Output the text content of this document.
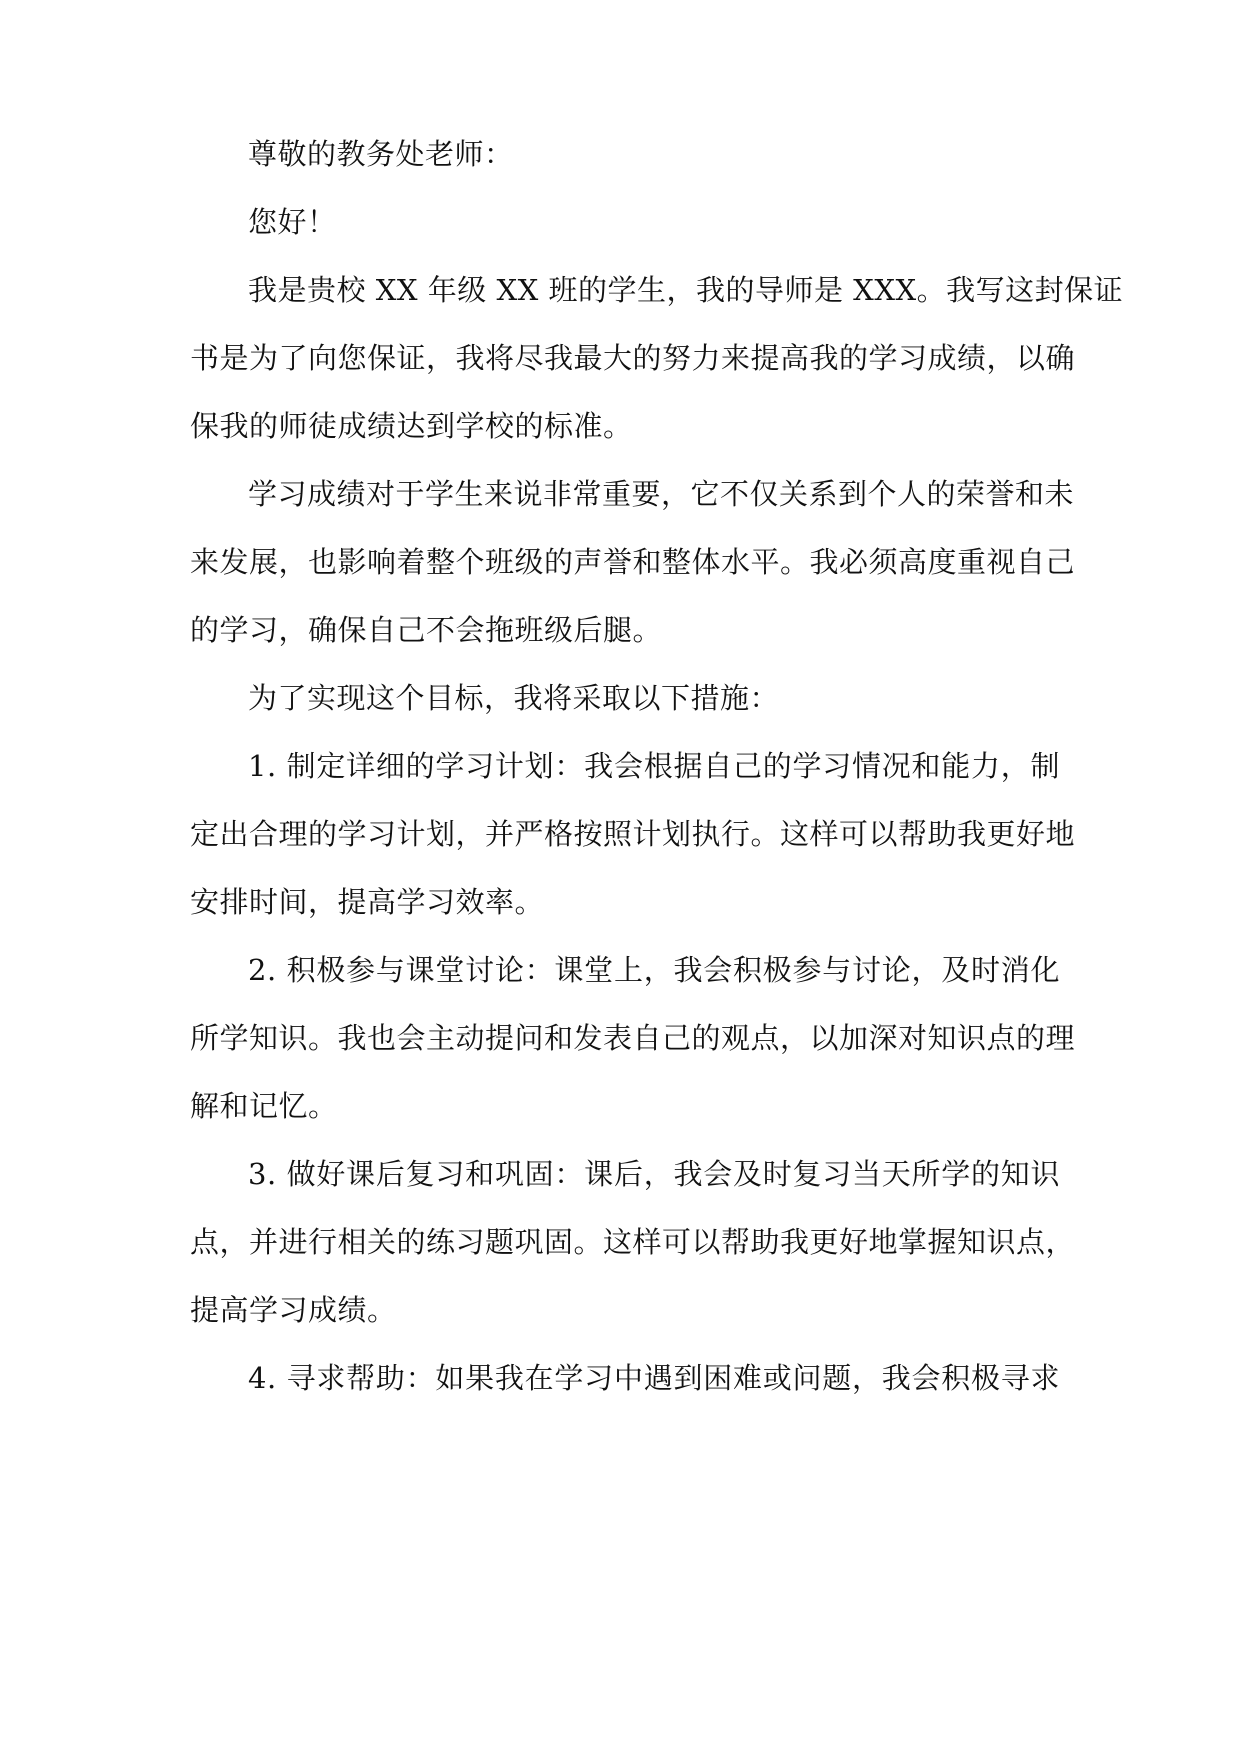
尊敬的教务处老师：
您好！
我是贵校 XX 年级 XX 班的学生，我的导师是 XXX。我写这封保证
书是为了向您保证，我将尽我最大的努力来提高我的学习成绩，以确
保我的师徒成绩达到学校的标准。
学习成绩对于学生来说非常重要，它不仅关系到个人的荣誉和未
来发展，也影响着整个班级的声誉和整体水平。我必须高度重视自己
的学习，确保自己不会拖班级后腿。
为了实现这个目标，我将采取以下措施：
1. 制定详细的学习计划：我会根据自己的学习情况和能力，制
定出合理的学习计划，并严格按照计划执行。这样可以帮助我更好地
安排时间，提高学习效率。
2. 积极参与课堂讨论：课堂上，我会积极参与讨论，及时消化
所学知识。我也会主动提问和发表自己的观点，以加深对知识点的理
解和记忆。
3. 做好课后复习和巩固：课后，我会及时复习当天所学的知识
点，并进行相关的练习题巩固。这样可以帮助我更好地掌握知识点，
提高学习成绩。
4. 寻求帮助：如果我在学习中遇到困难或问题，我会积极寻求
